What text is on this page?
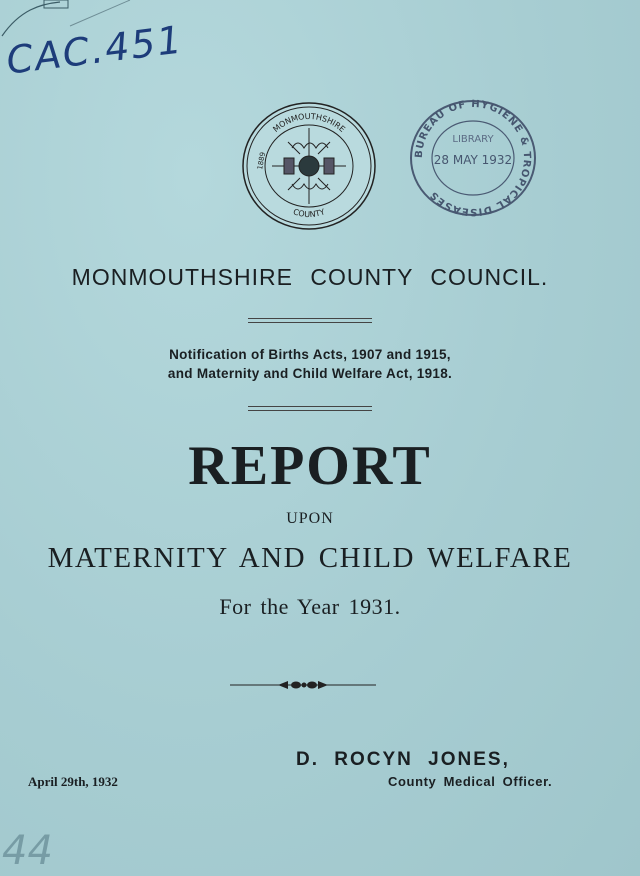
CAC.451
MONMOUTHSHIRE
COUNTY
1889	BUREAU OF HYGIENE & TROPICAL DISEASES
LIBRARY
28 MAY 1932
MONMOUTHSHIRE COUNTY COUNCIL.
Notification of Births Acts, 1907 and 1915,
and Maternity and Child Welfare Act, 1918.
REPORT
UPON
MATERNITY AND CHILD WELFARE
For the Year 1931.
D. ROCYN JONES,
April 29th, 1932	County Medical Officer.
44
